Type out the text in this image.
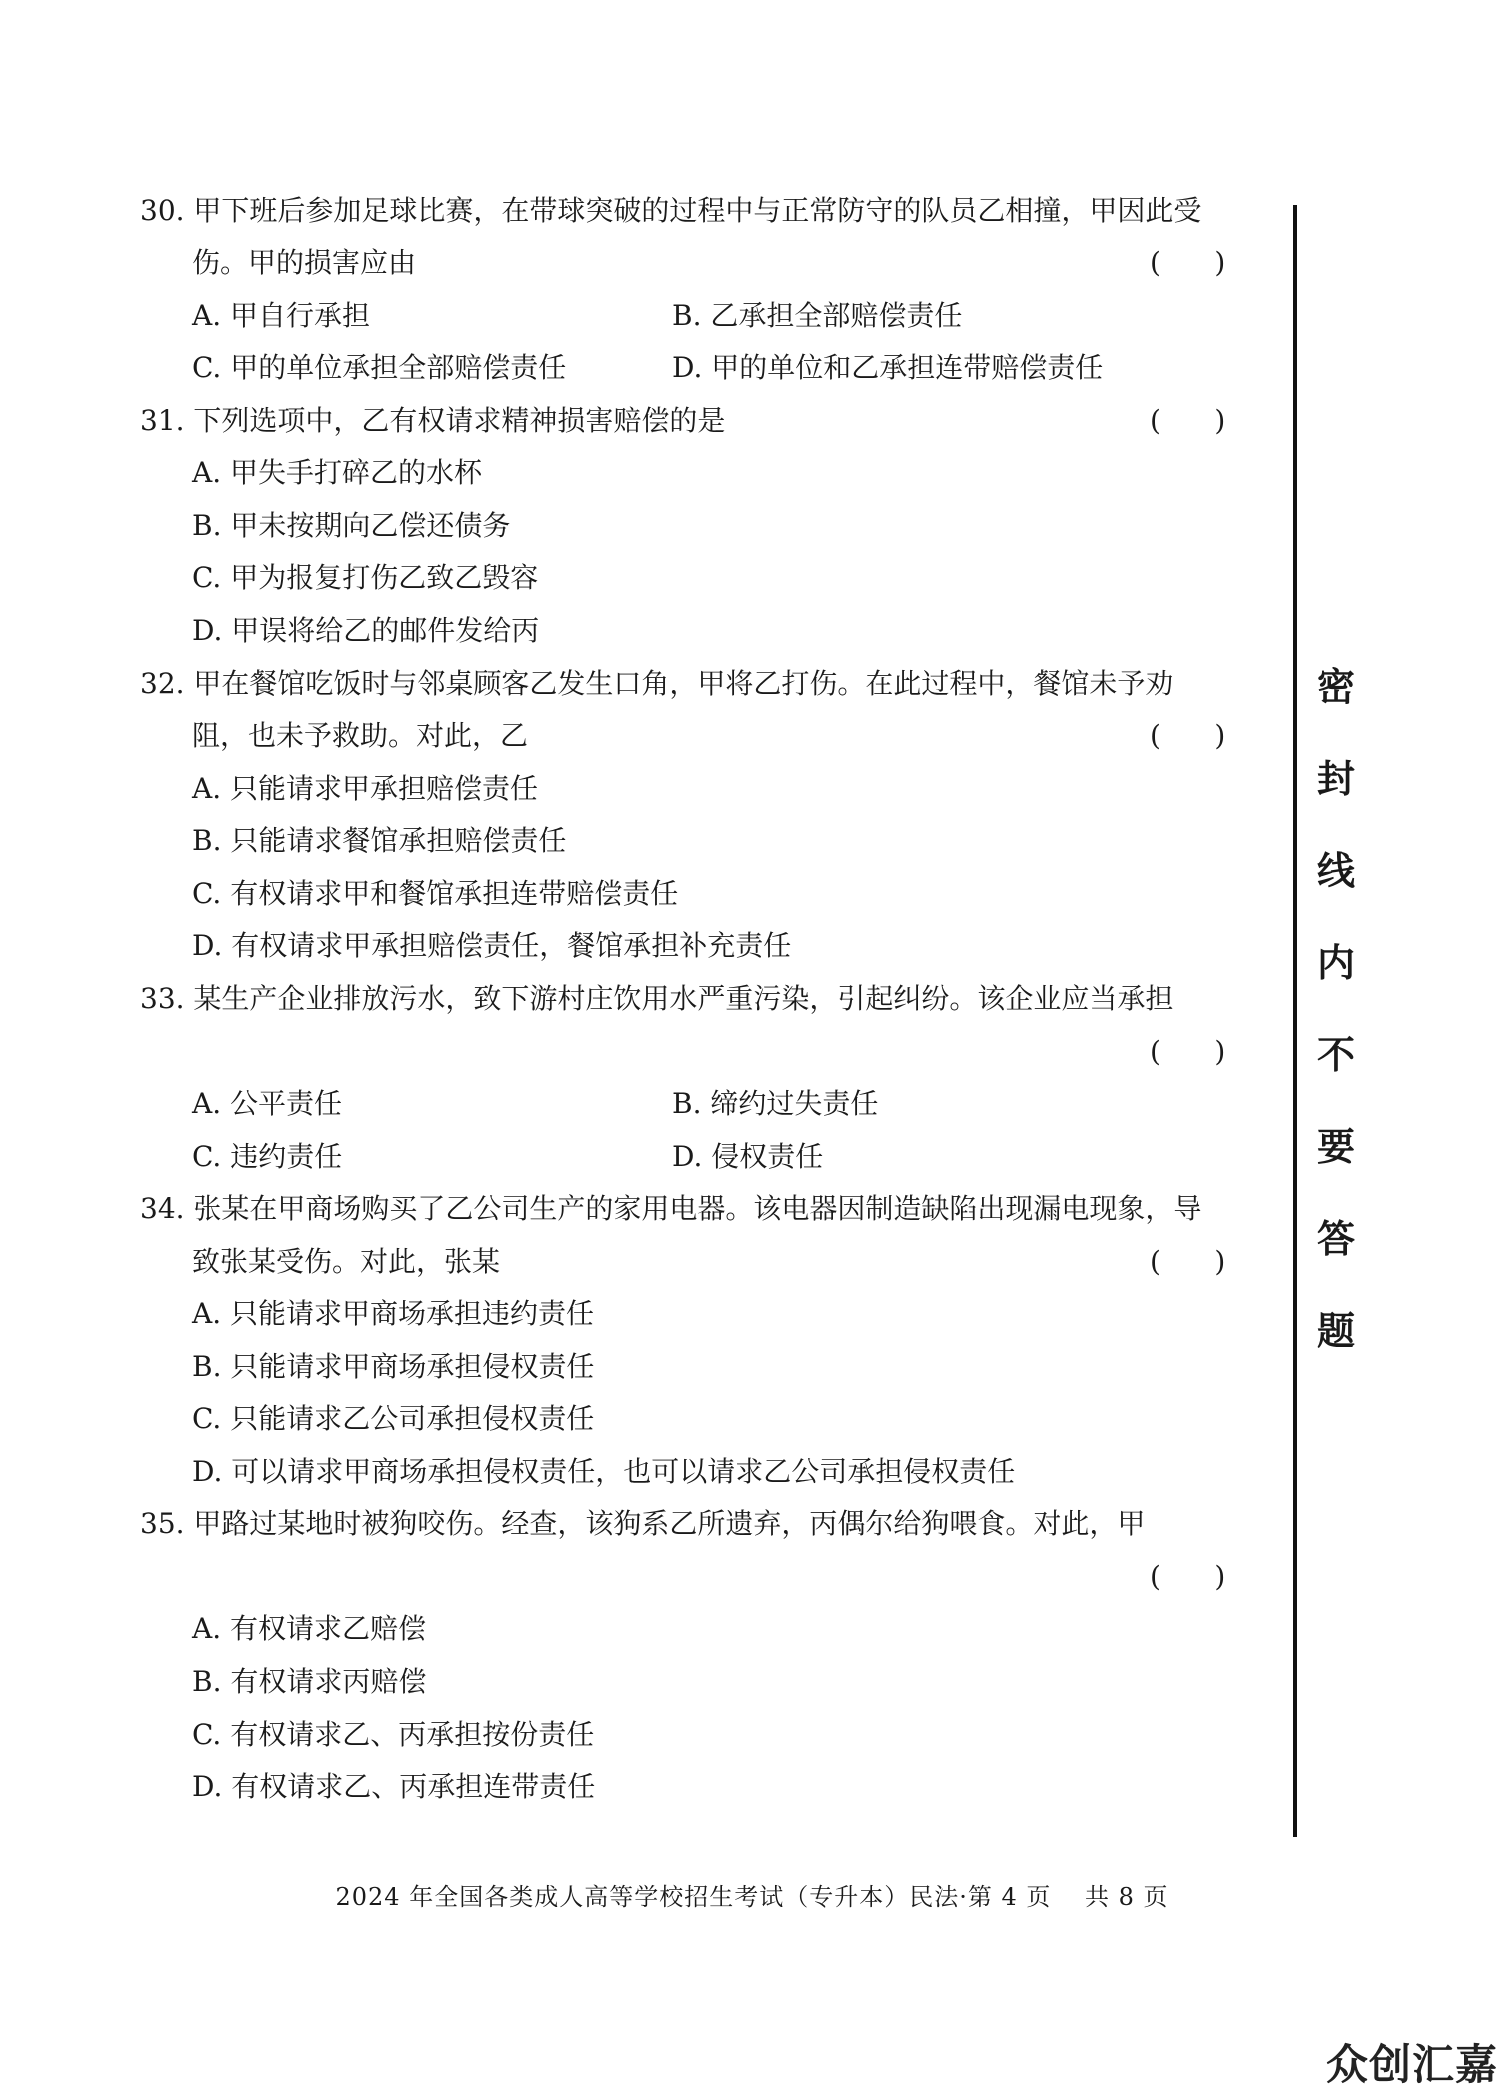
30. 甲下班后参加足球比赛，在带球突破的过程中与正常防守的队员乙相撞，甲因此受
伤。甲的损害应由	(      )
A. 甲自行承担	B. 乙承担全部赔偿责任
C. 甲的单位承担全部赔偿责任	D. 甲的单位和乙承担连带赔偿责任
31. 下列选项中，乙有权请求精神损害赔偿的是	(      )
A. 甲失手打碎乙的水杯
B. 甲未按期向乙偿还债务
C. 甲为报复打伤乙致乙毁容
D. 甲误将给乙的邮件发给丙
32. 甲在餐馆吃饭时与邻桌顾客乙发生口角，甲将乙打伤。在此过程中，餐馆未予劝
阻，也未予救助。对此，乙	(      )
A. 只能请求甲承担赔偿责任
B. 只能请求餐馆承担赔偿责任
C. 有权请求甲和餐馆承担连带赔偿责任
D. 有权请求甲承担赔偿责任，餐馆承担补充责任
33. 某生产企业排放污水，致下游村庄饮用水严重污染，引起纠纷。该企业应当承担
(      )
A. 公平责任	B. 缔约过失责任
C. 违约责任	D. 侵权责任
34. 张某在甲商场购买了乙公司生产的家用电器。该电器因制造缺陷出现漏电现象，导
致张某受伤。对此，张某	(      )
A. 只能请求甲商场承担违约责任
B. 只能请求甲商场承担侵权责任
C. 只能请求乙公司承担侵权责任
D. 可以请求甲商场承担侵权责任，也可以请求乙公司承担侵权责任
35. 甲路过某地时被狗咬伤。经查，该狗系乙所遗弃，丙偶尔给狗喂食。对此，甲
(      )
A. 有权请求乙赔偿
B. 有权请求丙赔偿
C. 有权请求乙、丙承担按份责任
D. 有权请求乙、丙承担连带责任
密
封
线
内
不
要
答
题
2024 年全国各类成人高等学校招生考试（专升本）民法·第 4 页　 共 8 页
众创汇嘉
